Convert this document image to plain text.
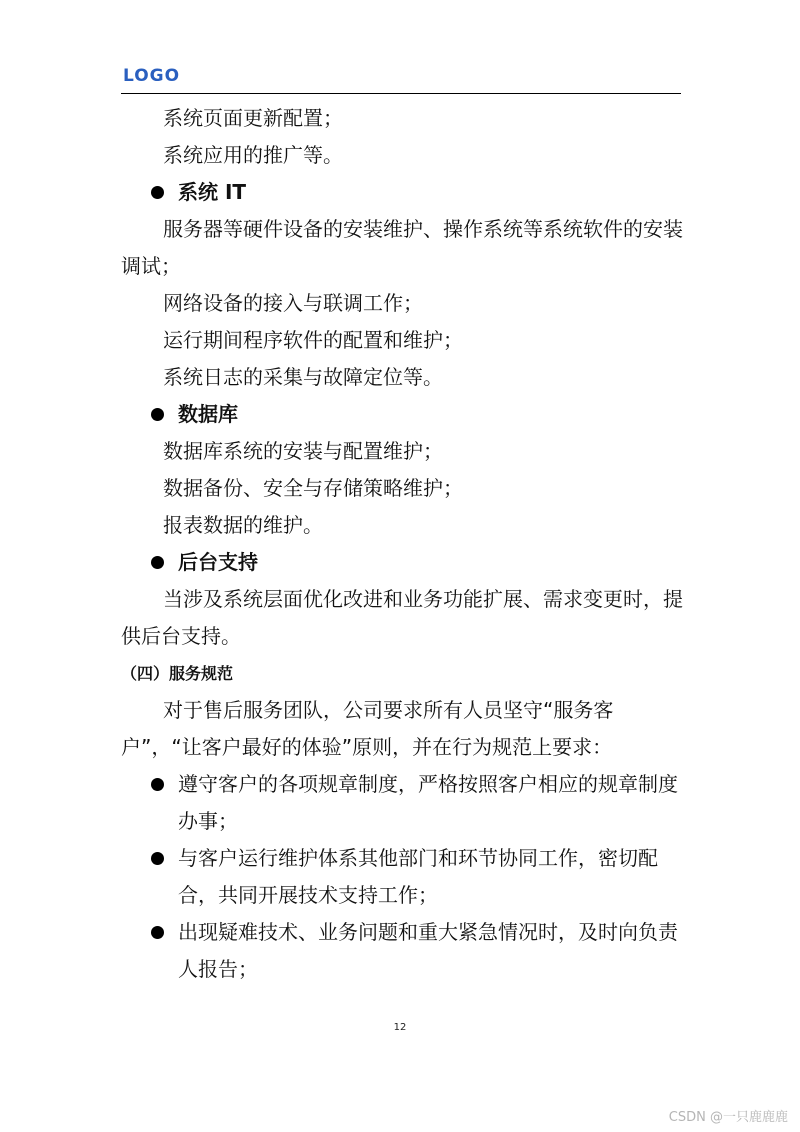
LOGO

系统页面更新配置；

系统应用的推广等。

系统 IT

服务器等硬件设备的安装维护、操作系统等系统软件的安装调试；

网络设备的接入与联调工作；

运行期间程序软件的配置和维护；

系统日志的采集与故障定位等。

数据库

数据库系统的安装与配置维护；

数据备份、安全与存储策略维护；

报表数据的维护。

后台支持

当涉及系统层面优化改进和业务功能扩展、需求变更时，提供后台支持。

（四）服务规范

对于售后服务团队，公司要求所有人员坚守“服务客户”，“让客户最好的体验”原则，并在行为规范上要求：

遵守客户的各项规章制度，严格按照客户相应的规章制度办事；

与客户运行维护体系其他部门和环节协同工作，密切配合，共同开展技术支持工作；

出现疑难技术、业务问题和重大紧急情况时，及时向负责人报告；

12
CSDN @一只鹿鹿鹿
